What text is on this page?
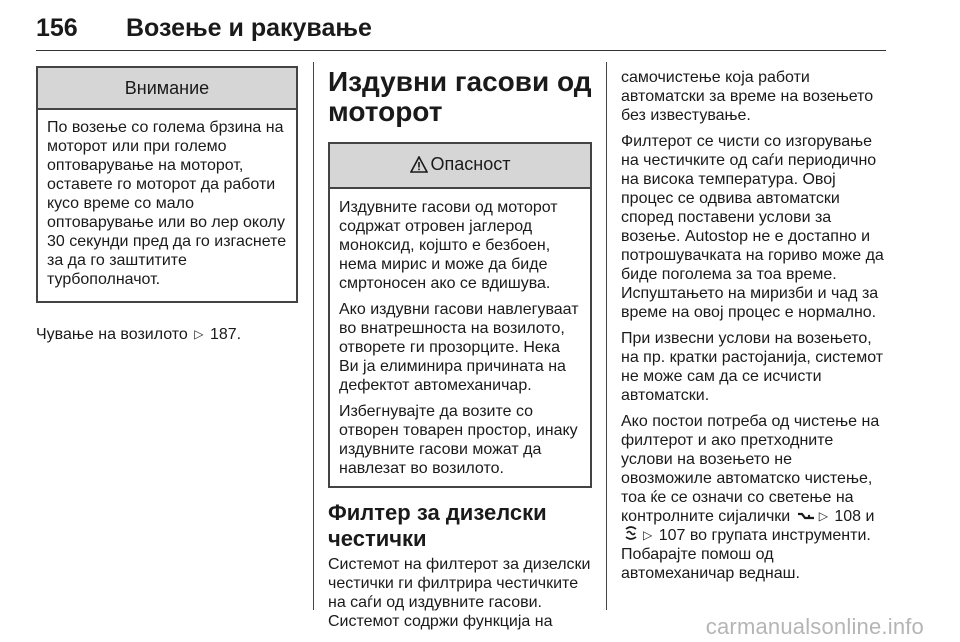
156 Возење и ракување
Внимание

По возење со голема брзина на моторот или при големо оптоварување на моторот, оставете го моторот да работи кусо време со мало оптоварување или во лер околу 30 секунди пред да го изгаснете за да го заштитите турбополначот.

Чување на возилото ▷ 187.

Издувни гасови од моторот
Опасност

Издувните гасови од моторот содржат отровен јаглерод моноксид, којшто е безбоен, нема мирис и може да биде смртоносен ако се вдишува.

Ако издувни гасови навлегуваат во внатрешноста на возилото, отворете ги прозорците. Нека Ви ја елиминира причината на дефектот автомеханичар.

Избегнувајте да возите со отворен товарен простор, инаку издувните гасови можат да навлезат во возилото.

Филтер за дизелски честички

Системот на филтерот за дизелски честички ги филтрира честичките на саѓи од издувните гасови. Системот содржи функција на

самочистење која работи автоматски за време на возењето без известување.

Филтерот се чисти со изгорување на честичките од саѓи периодично на висока температура. Овој процес се одвива автоматски според поставени услови за возење. Autostop не е достапно и потрошувачката на гориво може да биде поголема за тоа време. Испуштањето на миризби и чад за време на овој процес е нормално.

При извесни услови на возењето, на пр. кратки растојанија, системот не може сам да се исчисти автоматски.

Ако постои потреба од чистење на филтерот и ако претходните услови на возењето не овозможиле автоматско чистење, тоа ќе се означи со светење на контролните сијалички ▷ 108 и ▷ 107 во групата инструменти. Побарајте помош од автомеханичар веднаш.

carmanualsonline.info
